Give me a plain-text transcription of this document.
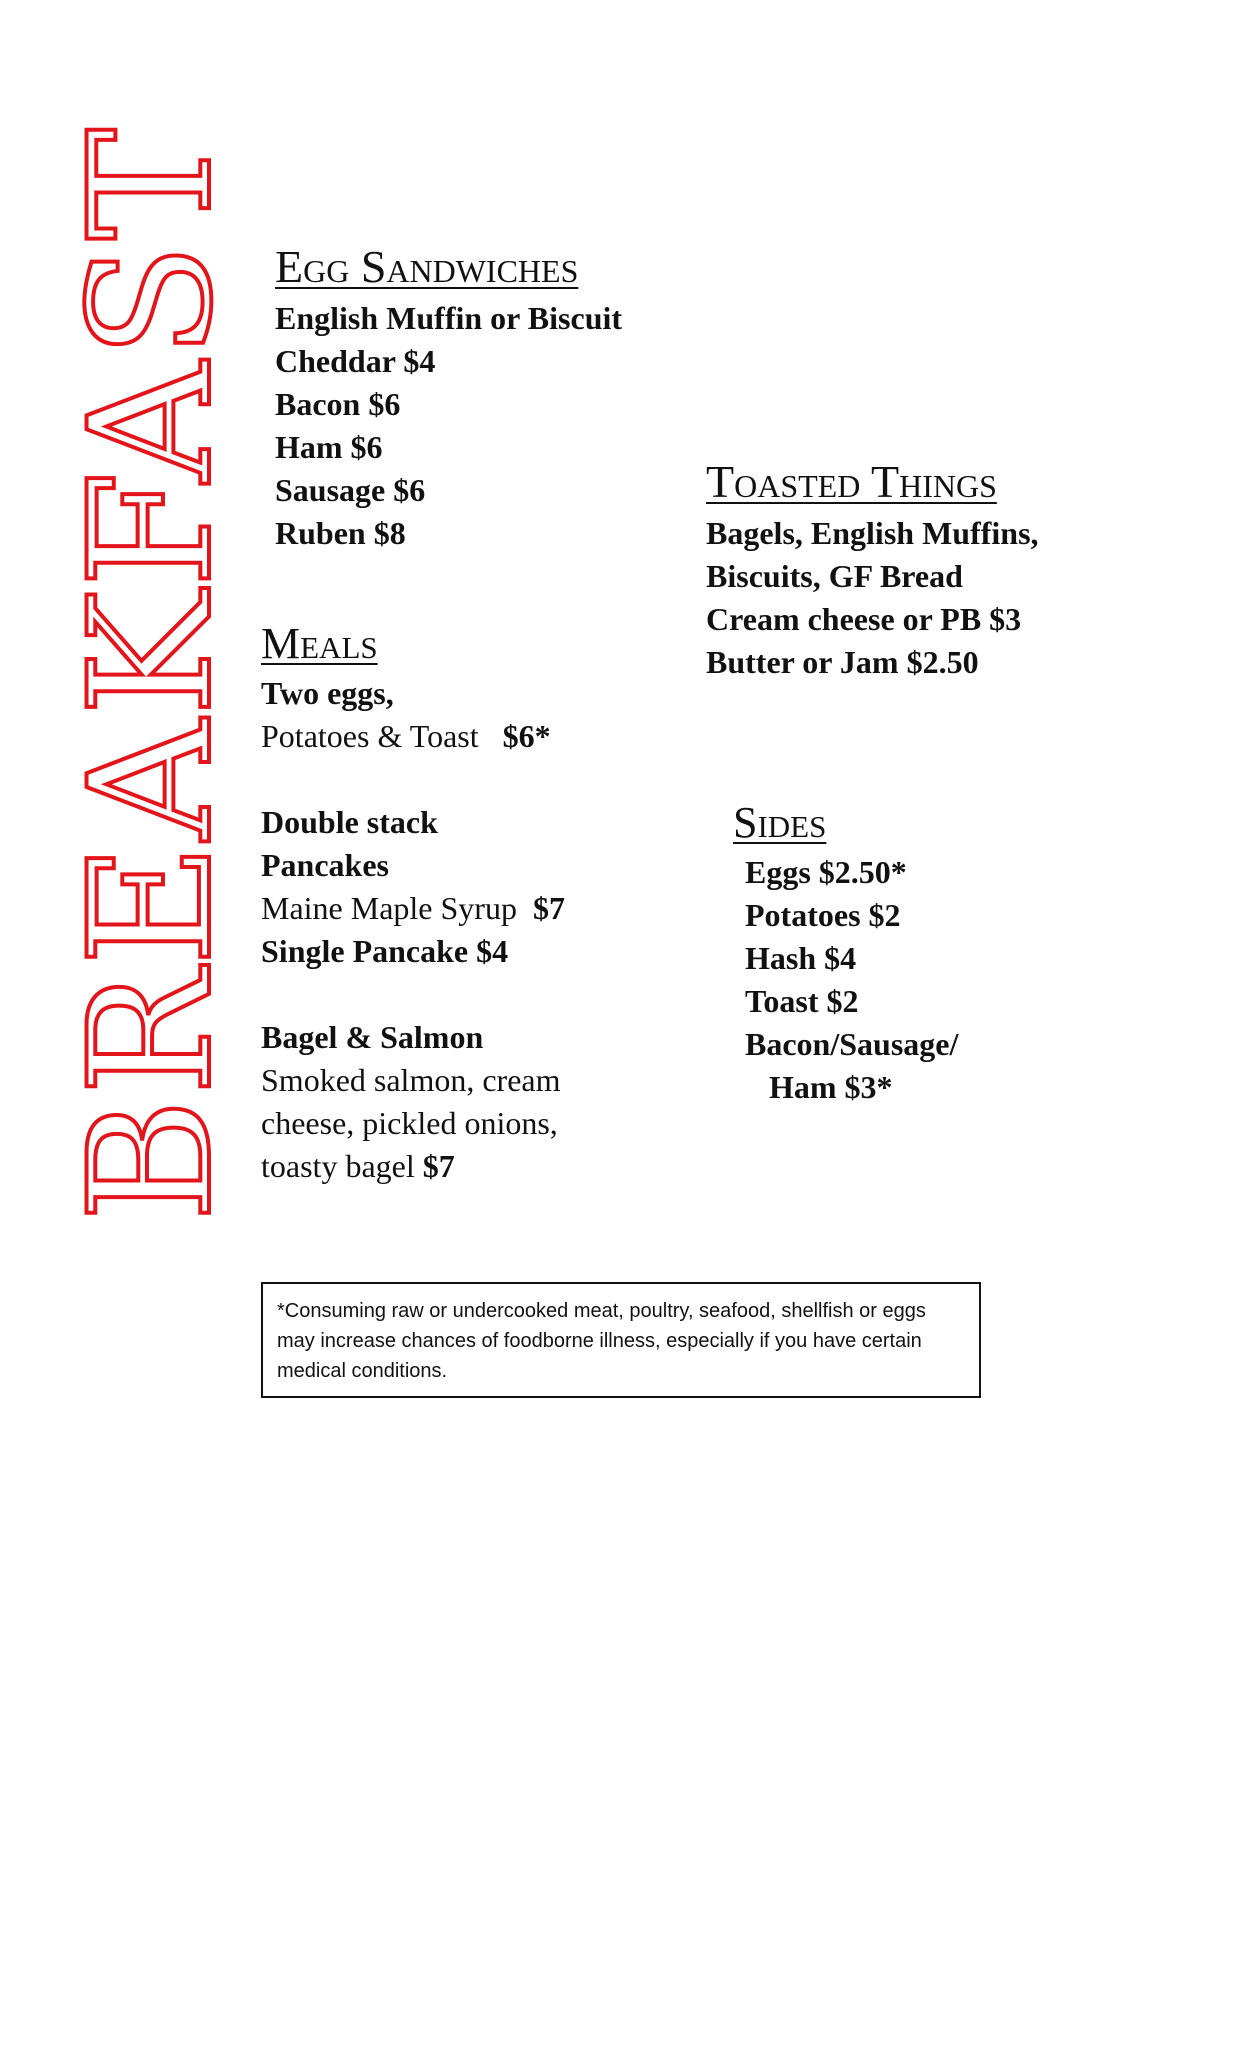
BREAKFAST Egg Sandwiches
English Muffin or Biscuit
Cheddar $4
Bacon $6
Ham $6
Sausage $6
Ruben $8
Meals
Two eggs,
Potatoes & Toast $6*
Double stack
Pancakes
Maine Maple Syrup $7
Single Pancake $4
Bagel & Salmon
Smoked salmon, cream
cheese, pickled onions,
toasty bagel $7
Toasted Things
Bagels, English Muffins,
Biscuits, GF Bread
Cream cheese or PB $3
Butter or Jam $2.50
Sides
Eggs $2.50*
Potatoes $2
Hash $4
Toast $2
Bacon/Sausage/
Ham $3*
*Consuming raw or undercooked meat, poultry, seafood, shellfish or eggs may increase chances of foodborne illness, especially if you have certain medical conditions.
